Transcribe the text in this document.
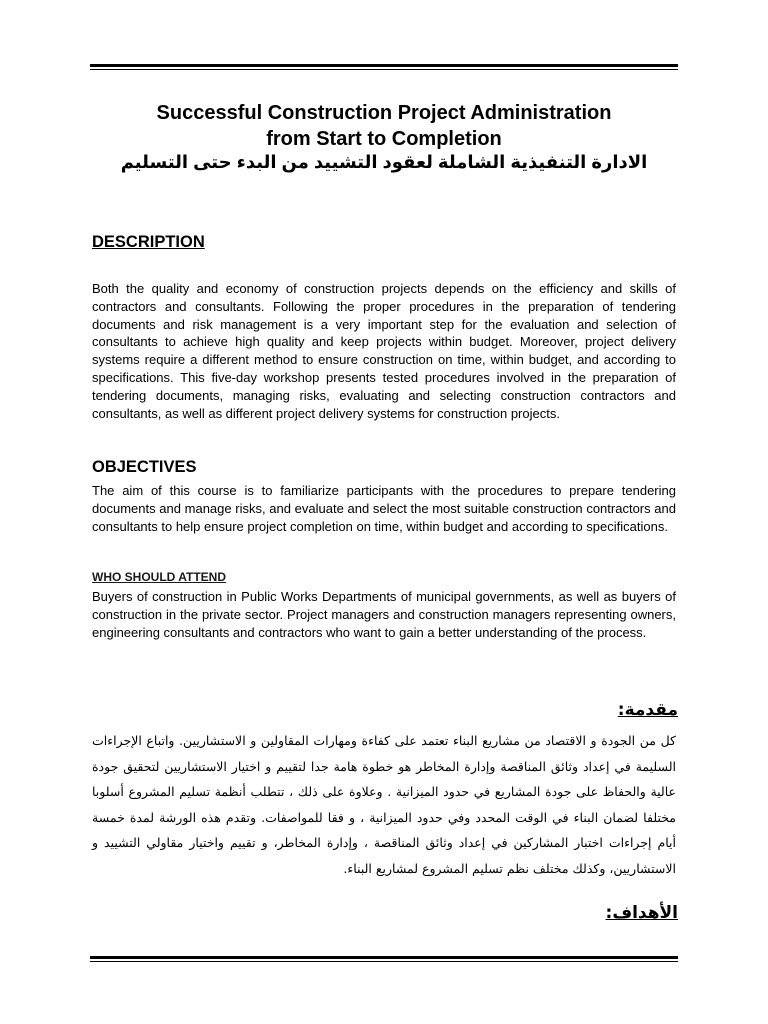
Successful Construction Project Administration
from Start to Completion
الادارة التنفيذية الشاملة لعقود التشييد من البدء حتى التسليم
DESCRIPTION

Both the quality and economy of construction projects depends on the efficiency and skills of contractors and consultants. Following the proper procedures in the preparation of tendering documents and risk management is a very important step for the evaluation and selection of consultants to achieve high quality and keep projects within budget. Moreover, project delivery systems require a different method to ensure construction on time, within budget, and according to specifications. This five-day workshop presents tested procedures involved in the preparation of tendering documents, managing risks, evaluating and selecting construction contractors and consultants, as well as different project delivery systems for construction projects.

OBJECTIVES

The aim of this course is to familiarize participants with the procedures to prepare tendering documents and manage risks, and evaluate and select the most suitable construction contractors and consultants to help ensure project completion on time, within budget and according to specifications.

WHO SHOULD ATTEND

Buyers of construction in Public Works Departments of municipal governments, as well as buyers of construction in the private sector. Project managers and construction managers representing owners, engineering consultants and contractors who want to gain a better understanding of the process.

مقدمة:

كل من الجودة و الاقتصاد من مشاريع البناء تعتمد على كفاءة ومهارات المقاولين و الاستشاريين. واتباع الإجراءات السليمة في إعداد وثائق المناقصة وإدارة المخاطر هو خطوة هامة جدا لتقييم و اختيار الاستشاريين لتحقيق جودة عالية والحفاظ على جودة المشاريع في حدود الميزانية . وعلاوة على ذلك ، تتطلب أنظمة تسليم المشروع أسلوبا مختلفا لضمان البناء في الوقت المحدد وفي حدود الميزانية ، و فقا للمواصفات. وتقدم هذه الورشة لمدة خمسة أيام إجراءات اختبار المشاركين في إعداد وثائق المناقصة ، وإدارة المخاطر، و تقييم واختيار مقاولي التشييد و الاستشاريين، وكذلك مختلف نظم تسليم المشروع لمشاريع البناء.

الأهداف:
